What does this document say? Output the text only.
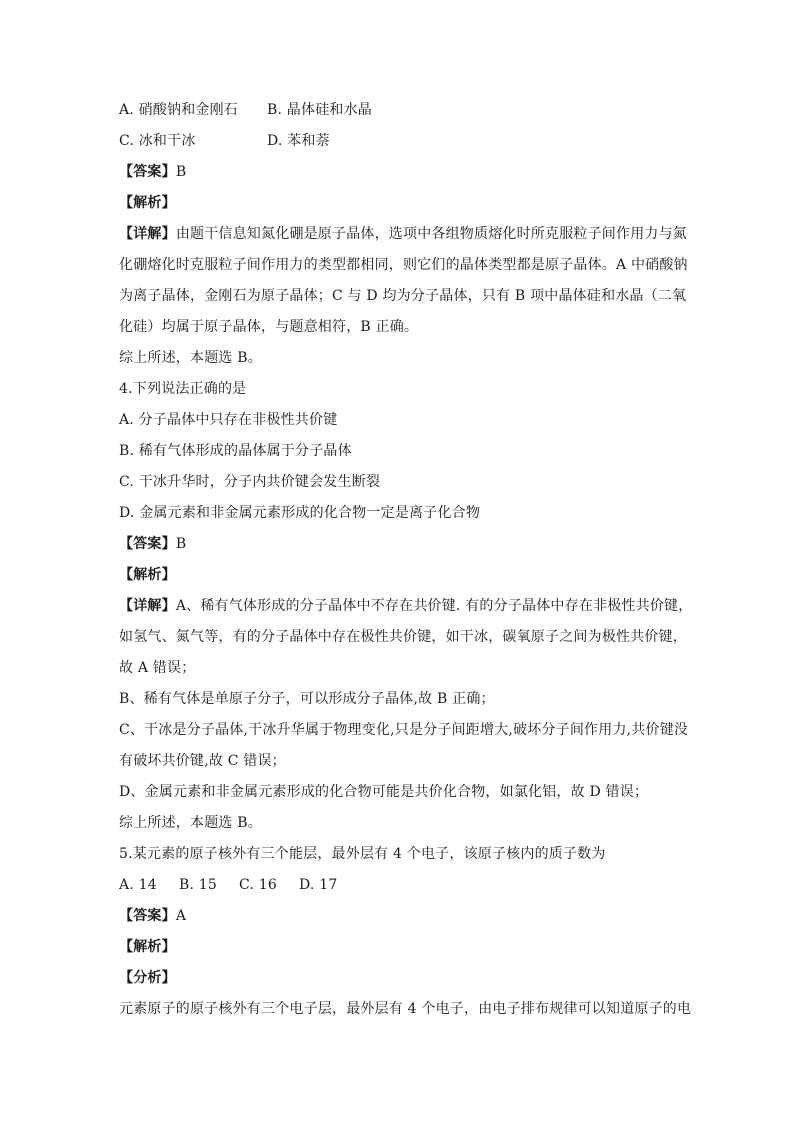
A. 硝酸钠和金刚石	B. 晶体硅和水晶
C. 冰和干冰	D. 苯和萘
【答案】B
【解析】
【详解】由题干信息知氮化硼是原子晶体，选项中各组物质熔化时所克服粒子间作用力与氮
化硼熔化时克服粒子间作用力的类型都相同，则它们的晶体类型都是原子晶体。A 中硝酸钠
为离子晶体，金刚石为原子晶体；C 与 D 均为分子晶体，只有 B 项中晶体硅和水晶（二氧
化硅）均属于原子晶体，与题意相符，B 正确。
综上所述，本题选 B。
4.下列说法正确的是
A. 分子晶体中只存在非极性共价键
B. 稀有气体形成的晶体属于分子晶体
C. 干冰升华时，分子内共价键会发生断裂
D. 金属元素和非金属元素形成的化合物一定是离子化合物
【答案】B
【解析】
【详解】A、稀有气体形成的分子晶体中不存在共价键. 有的分子晶体中存在非极性共价键，
如氢气、氮气等，有的分子晶体中存在极性共价键，如干冰，碳氧原子之间为极性共价键，
故 A 错误；
B、稀有气体是单原子分子，可以形成分子晶体,故 B 正确；
C、干冰是分子晶体,干冰升华属于物理变化,只是分子间距增大,破坏分子间作用力,共价键没
有破坏共价键,故 C 错误；
D、金属元素和非金属元素形成的化合物可能是共价化合物，如氯化铝，故 D 错误；
综上所述，本题选 B。
5.某元素的原子核外有三个能层，最外层有 4 个电子，该原子核内的质子数为
A. 14	B. 15	C. 16	D. 17
【答案】A
【解析】
【分析】
元素原子的原子核外有三个电子层，最外层有 4 个电子，由电子排布规律可以知道原子的电
